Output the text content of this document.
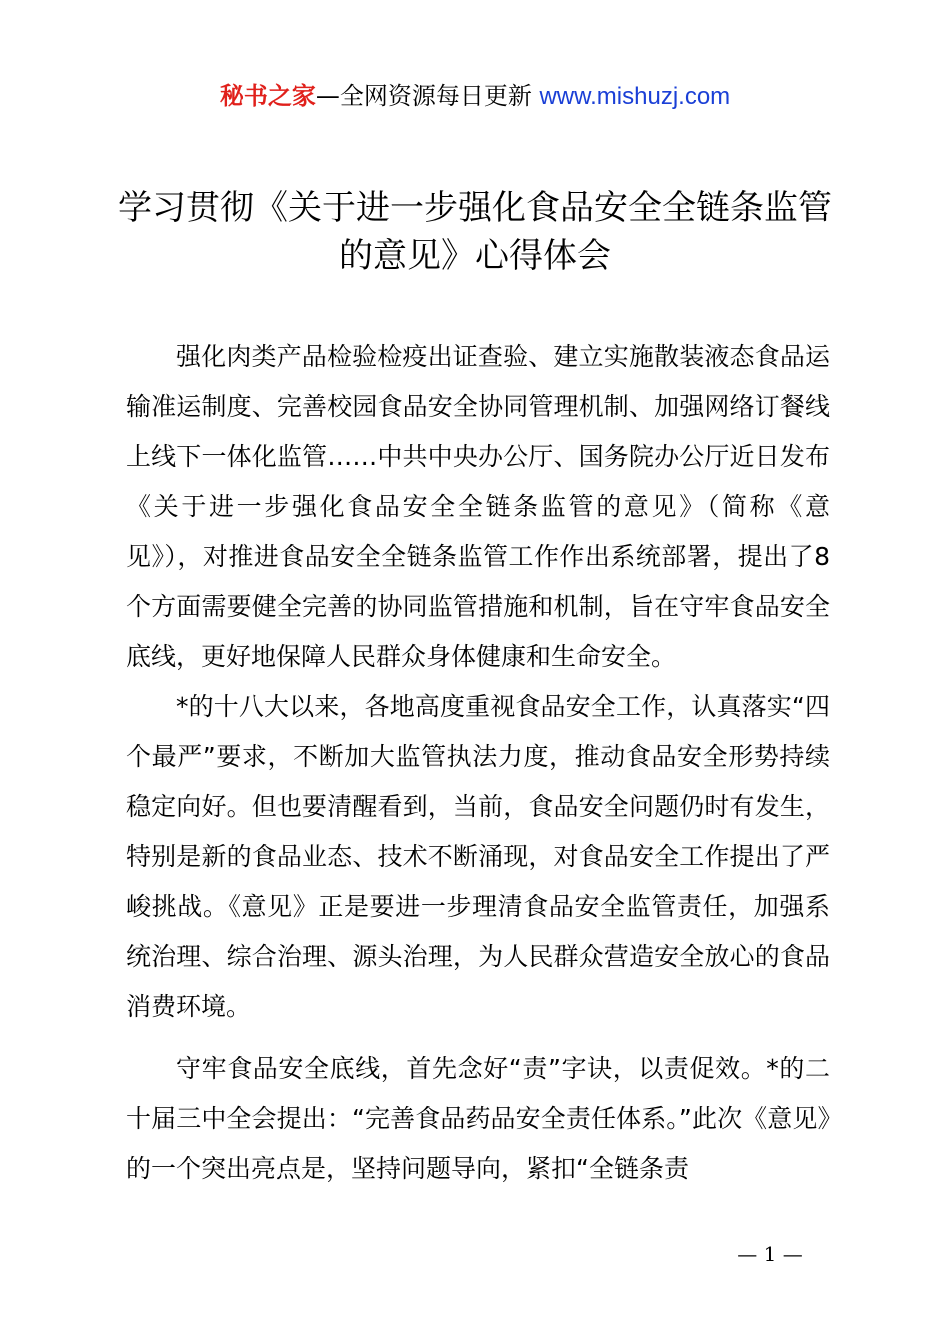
秘书之家—全网资源每日更新 www.mishuzj.com
学习贯彻《关于进一步强化食品安全全链条监管的意见》心得体会

强化肉类产品检验检疫出证查验、建立实施散装液态食品运输准运制度、完善校园食品安全协同管理机制、加强网络订餐线上线下一体化监管……中共中央办公厅、国务院办公厅近日发布《关于进一步强化食品安全全链条监管的意见》（简称《意见》），对推进食品安全全链条监管工作作出系统部署，提出了8个方面需要健全完善的协同监管措施和机制，旨在守牢食品安全底线，更好地保障人民群众身体健康和生命安全。

*的十八大以来，各地高度重视食品安全工作，认真落实“四个最严”要求，不断加大监管执法力度，推动食品安全形势持续稳定向好。但也要清醒看到，当前，食品安全问题仍时有发生，特别是新的食品业态、技术不断涌现，对食品安全工作提出了严峻挑战。《意见》正是要进一步理清食品安全监管责任，加强系统治理、综合治理、源头治理，为人民群众营造安全放心的食品消费环境。

守牢食品安全底线，首先念好“责”字诀，以责促效。*的二十届三中全会提出：“完善食品药品安全责任体系。”此次《意见》的一个突出亮点是，坚持问题导向，紧扣“全链条责

— 1 —
